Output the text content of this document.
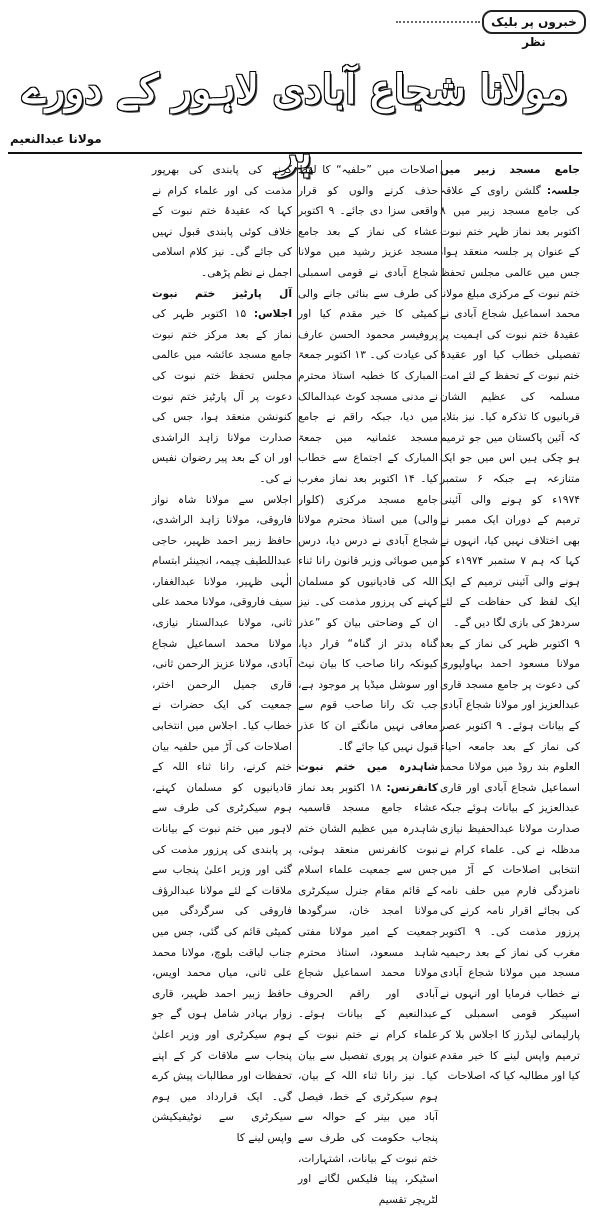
خبروں پر بلیک نظر
مولانا شجاع آبادی لاہور کے دورے پر
مولانا عبدالنعیم

جامع مسجد زبیر میں جلسہ: گلشن راوی کے علاقہ کی جامع مسجد زبیر میں ۸ اکتوبر بعد نماز ظہر ختم نبوت کے عنوان پر جلسہ منعقد ہوا، جس میں عالمی مجلس تحفظ ختم نبوت کے مرکزی مبلغ مولانا محمد اسماعیل شجاع آبادی نے عقیدۂ ختم نبوت کی اہمیت پر تفصیلی خطاب کیا اور عقیدۂ ختم نبوت کے تحفظ کے لئے امت مسلمہ کی عظیم الشان قربانیوں کا تذکرہ کیا۔ نیز بتلایا کہ آئین پاکستان میں جو ترمیم ہو چکی ہیں اس میں جو ایک متنازعہ ہے جبکہ ۶ ستمبر ۱۹۷۴ء کو ہونے والی آئینی ترمیم کے دوران ایک ممبر نے بھی اختلاف نہیں کیا، انہوں نے کہا کہ ہم ۷ ستمبر ۱۹۷۴ء کو ہونے والی آئینی ترمیم کے ایک ایک لفظ کی حفاظت کے لئے سردھڑ کی بازی لگا دیں گے۔

۹ اکتوبر ظہر کی نماز کے بعد مولانا مسعود احمد بہاولپوری کی دعوت پر جامع مسجد قاری عبدالعزیز اور مولانا شجاع آبادی کے بیانات ہوئے۔ ۹ اکتوبر عصر کی نماز کے بعد جامعہ احیاء العلوم بند روڈ میں مولانا محمد اسماعیل شجاع آبادی اور قاری عبدالعزیز کے بیانات ہوئے جبکہ صدارت مولانا عبدالحفیظ نیازی مدظلہ نے کی۔ علماء کرام نے انتخابی اصلاحات کے آڑ میں نامزدگی فارم میں حلف نامہ کی بجائے اقرار نامہ کرنے کی پرزور مذمت کی۔ ۹ اکتوبر مغرب کی نماز کے بعد رحیمیہ مسجد میں مولانا شجاع آبادی نے خطاب فرمایا اور انہوں نے اسپیکر قومی اسمبلی کے پارلیمانی لیڈرز کا اجلاس بلا کر ترمیم واپس لینے کا خیر مقدم کیا اور مطالبہ کیا کہ اصلاحات

اصلاحات میں ”حلفیہ“ کا لفظ حذف کرنے والوں کو قرار واقعی سزا دی جائے۔ ۹ اکتوبر عشاء کی نماز کے بعد جامع مسجد عزیز رشید میں مولانا شجاع آبادی نے قومی اسمبلی کی طرف سے بنائی جانے والی کمیٹی کا خیر مقدم کیا اور پروفیسر محمود الحسن عارف کی عیادت کی۔ ۱۳ اکتوبر جمعۃ المبارک کا خطبہ استاذ محترم نے مدنی مسجد کوٹ عبدالمالک میں دیا، جبکہ راقم نے جامع مسجد عثمانیہ میں جمعۃ المبارک کے اجتماع سے خطاب کیا۔ ۱۴ اکتوبر بعد نماز مغرب جامع مسجد مرکزی (کلوار والی) میں استاذ محترم مولانا شجاع آبادی نے درس دیا، درس میں صوبائی وزیر قانون رانا ثناء اللہ کی قادیانیوں کو مسلمان کہنے کی پرزور مذمت کی۔ نیز ان کے وضاحتی بیان کو ”عذر گناہ بدتر از گناہ“ قرار دیا، کیونکہ رانا صاحب کا بیان نیٹ اور سوشل میڈیا پر موجود ہے، جب تک رانا صاحب قوم سے معافی نہیں مانگتے ان کا عذر قبول نہیں کیا جائے گا۔

شاہدرہ میں ختم نبوت کانفرنس: ۱۸ اکتوبر بعد نماز عشاء جامع مسجد قاسمیہ شاہدرہ میں عظیم الشان ختم نبوت کانفرنس منعقد ہوئی، جس سے جمعیت علماء اسلام کے قائم مقام جنرل سیکرٹری مولانا امجد خان، سرگودھا جمعیت کے امیر مولانا مفتی شاہد مسعود، استاذ محترم مولانا محمد اسماعیل شجاع آبادی اور راقم الحروف عبدالنعیم کے بیانات ہوئے۔ علماء کرام نے ختم نبوت کے عنوان پر پوری تفصیل سے بیان کیا۔ نیز رانا ثناء اللہ کے بیان، ہوم سیکرٹری کے خط، فیصل آباد میں بینر کے حوالہ سے پنجاب حکومت کی طرف سے ختم نبوت کے بیانات، اشتہارات، اسٹیکر، پینا فلیکس لگانے اور لٹریچر تقسیم

کرنے کی پابندی کی بھرپور مذمت کی اور علماء کرام نے کہا کہ عقیدۂ ختم نبوت کے خلاف کوئی پابندی قبول نہیں کی جائے گی۔ نیز کلام اسلامی اجمل نے نظم پڑھی۔

آل پارٹیز ختم نبوت اجلاس: ۱۵ اکتوبر ظہر کی نماز کے بعد مرکز ختم نبوت جامع مسجد عائشہ میں عالمی مجلس تحفظ ختم نبوت کی دعوت پر آل پارٹیز ختم نبوت کنونشن منعقد ہوا، جس کی صدارت مولانا زاہد الراشدی اور ان کے بعد پیر رضوان نفیس نے کی۔

اجلاس سے مولانا شاہ نواز فاروقی، مولانا زاہد الراشدی، حافظ زبیر احمد ظہیر، حاجی عبداللطیف چیمہ، انجینئر ابتسام الٰہی ظہیر، مولانا عبدالغفار، سیف فاروقی، مولانا محمد علی ثانی، مولانا عبدالستار نیازی، مولانا محمد اسماعیل شجاع آبادی، مولانا عزیز الرحمن ثانی، قاری جمیل الرحمن اختر، جمعیت کی ایک حضرات نے خطاب کیا۔ اجلاس میں انتخابی اصلاحات کی آڑ میں حلفیہ بیان ختم کرنے، رانا ثناء اللہ کے قادیانیوں کو مسلمان کہنے، ہوم سیکرٹری کی طرف سے لاہور میں ختم نبوت کے بیانات پر پابندی کی پرزور مذمت کی گئی اور وزیر اعلیٰ پنجاب سے ملاقات کے لئے مولانا عبدالرؤف فاروقی کی سرگردگی میں کمیٹی قائم کی گئی، جس میں جناب لیاقت بلوچ، مولانا محمد علی ثانی، میاں محمد اویس، حافظ زبیر احمد ظہیر، قاری زوار بہادر شامل ہوں گے جو ہوم سیکرٹری اور وزیر اعلیٰ پنجاب سے ملاقات کر کے اپنے تحفظات اور مطالبات پیش کرے گی۔ ایک قرارداد میں ہوم سیکرٹری سے نوٹیفیکیشن واپس لینے کا
